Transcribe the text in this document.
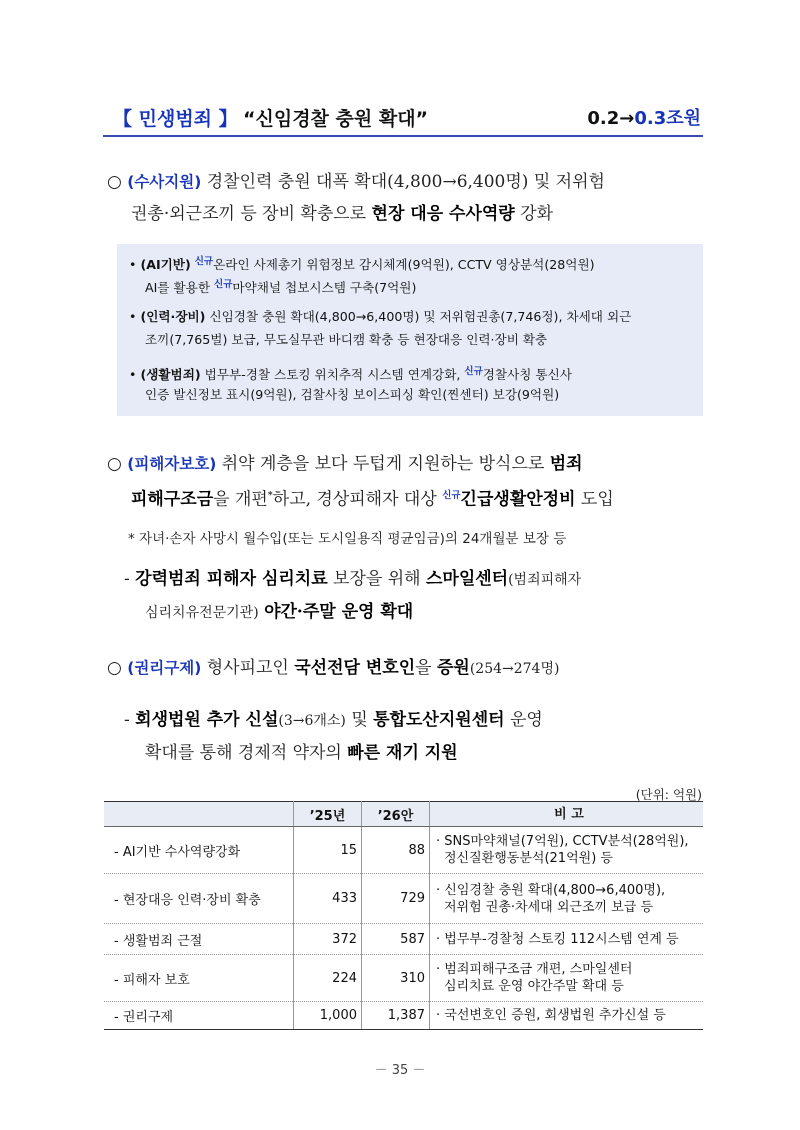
【 민생범죄 】 “신임경찰 충원 확대”	0.2→0.3조원
○ (수사지원) 경찰인력 충원 대폭 확대(4,800→6,400명) 및 저위험
권총·외근조끼 등 장비 확충으로 현장 대응 수사역량 강화
• (AI기반) $^{신규}$온라인 사제총기 위험정보 감시체계(9억원), CCTV 영상분석(28억원)
AI를 활용한 $^{신규}$마약채널 첩보시스템 구축(7억원)
• (인력·장비) 신임경찰 충원 확대(4,800→6,400명) 및 저위험권총(7,746정), 차세대 외근
조끼(7,765벌) 보급, 무도실무관 바디캠 확충 등 현장대응 인력·장비 확충
• (생활범죄) 법무부-경찰 스토킹 위치추적 시스템 연계강화, $^{신규}$경찰사칭 통신사
인증 발신정보 표시(9억원), 검찰사칭 보이스피싱 확인(찐센터) 보강(9억원)
○ (피해자보호) 취약 계층을 보다 두텁게 지원하는 방식으로 범죄
피해구조금을 개편*하고, 경상피해자 대상 $^{신규}$긴급생활안정비 도입
* 자녀·손자 사망시 월수입(또는 도시일용직 평균임금)의 24개월분 보장 등
- 강력범죄 피해자 심리치료 보장을 위해 스마일센터(범죄피해자
심리치유전문기관) 야간·주말 운영 확대
○ (권리구제) 형사피고인 국선전담 변호인을 증원(254→274명)
- 회생법원 추가 신설(3→6개소) 및 통합도산지원센터 운영
확대를 통해 경제적 약자의 빠른 재기 지원
(단위: 억원)
	’25년	’26안	비 고
- AI기반 수사역량강화	15	88	· SNS마약채널(7억원), CCTV분석(28억원),
정신질환행동분석(21억원) 등

- 현장대응 인력·장비 확충	433	729	· 신임경찰 충원 확대(4,800→6,400명),
저위험 권총·차세대 외근조끼 보급 등

- 생활범죄 근절	372	587	· 법무부-경찰청 스토킹 112시스템 연계 등
- 피해자 보호	224	310	· 범죄피해구조금 개편, 스마일센터
심리치료 운영 야간주말 확대 등

- 권리구제	1,000	1,387	· 국선변호인 증원, 회생법원 추가신설 등
－ 35 －
